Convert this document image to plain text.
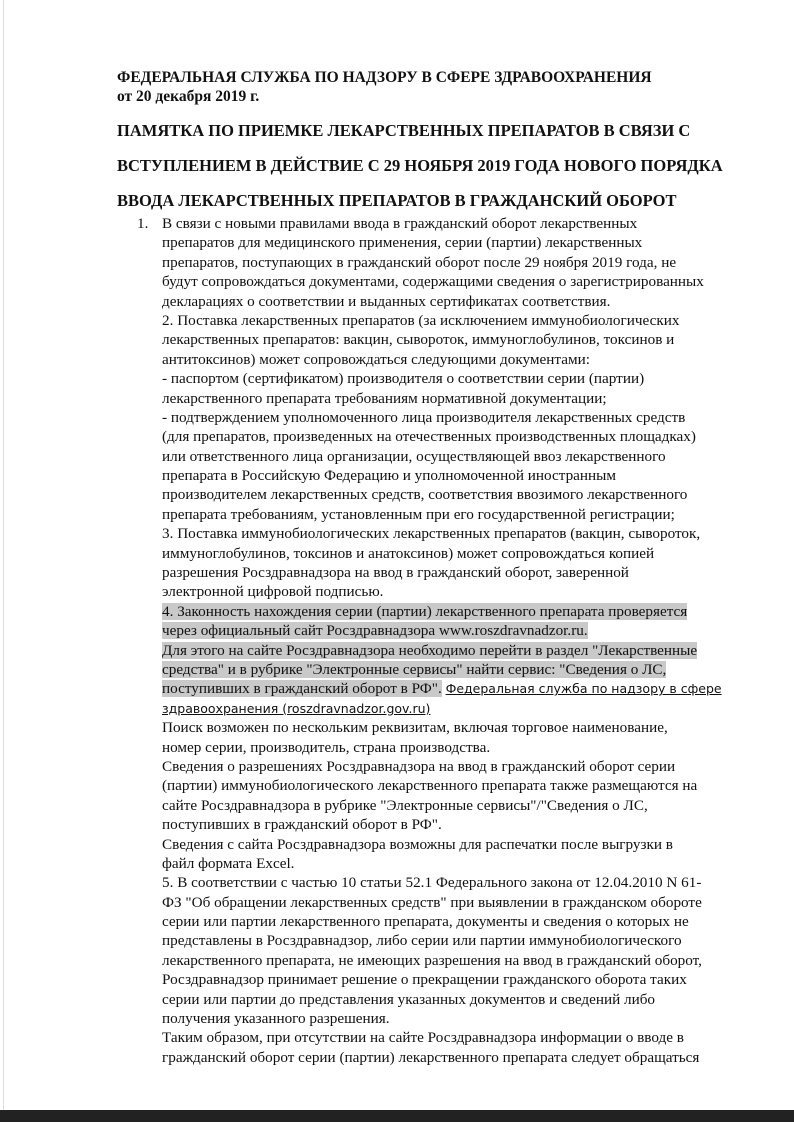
ФЕДЕРАЛЬНАЯ СЛУЖБА ПО НАДЗОРУ В СФЕРЕ ЗДРАВООХРАНЕНИЯ
от 20 декабря 2019 г.
ПАМЯТКА ПО ПРИЕМКЕ ЛЕКАРСТВЕННЫХ ПРЕПАРАТОВ В СВЯЗИ С
ВСТУПЛЕНИЕМ В ДЕЙСТВИЕ С 29 НОЯБРЯ 2019 ГОДА НОВОГО ПОРЯДКА
ВВОДА ЛЕКАРСТВЕННЫХ ПРЕПАРАТОВ В ГРАЖДАНСКИЙ ОБОРОТ
1. В связи с новыми правилами ввода в гражданский оборот лекарственных
препаратов для медицинского применения, серии (партии) лекарственных
препаратов, поступающих в гражданский оборот после 29 ноября 2019 года, не
будут сопровождаться документами, содержащими сведения о зарегистрированных
декларациях о соответствии и выданных сертификатах соответствия.
2. Поставка лекарственных препаратов (за исключением иммунобиологических
лекарственных препаратов: вакцин, сывороток, иммуноглобулинов, токсинов и
антитоксинов) может сопровождаться следующими документами:
- паспортом (сертификатом) производителя о соответствии серии (партии)
лекарственного препарата требованиям нормативной документации;
- подтверждением уполномоченного лица производителя лекарственных средств
(для препаратов, произведенных на отечественных производственных площадках)
или ответственного лица организации, осуществляющей ввоз лекарственного
препарата в Российскую Федерацию и уполномоченной иностранным
производителем лекарственных средств, соответствия ввозимого лекарственного
препарата требованиям, установленным при его государственной регистрации;
3. Поставка иммунобиологических лекарственных препаратов (вакцин, сывороток,
иммуноглобулинов, токсинов и анатоксинов) может сопровождаться копией
разрешения Росздравнадзора на ввод в гражданский оборот, заверенной
электронной цифровой подписью.
4. Законность нахождения серии (партии) лекарственного препарата проверяется
через официальный сайт Росздравнадзора www.roszdravnadzor.ru.
Для этого на сайте Росздравнадзора необходимо перейти в раздел "Лекарственные
средства" и в рубрике "Электронные сервисы" найти сервис: "Сведения о ЛС,
поступивших в гражданский оборот в РФ". Федеральная служба по надзору в сфере
здравоохранения (roszdravnadzor.gov.ru)
Поиск возможен по нескольким реквизитам, включая торговое наименование,
номер серии, производитель, страна производства.
Сведения о разрешениях Росздравнадзора на ввод в гражданский оборот серии
(партии) иммунобиологического лекарственного препарата также размещаются на
сайте Росздравнадзора в рубрике "Электронные сервисы"/"Сведения о ЛС,
поступивших в гражданский оборот в РФ".
Сведения с сайта Росздравнадзора возможны для распечатки после выгрузки в
файл формата Excel.
5. В соответствии с частью 10 статьи 52.1 Федерального закона от 12.04.2010 N 61-
ФЗ "Об обращении лекарственных средств" при выявлении в гражданском обороте
серии или партии лекарственного препарата, документы и сведения о которых не
представлены в Росздравнадзор, либо серии или партии иммунобиологического
лекарственного препарата, не имеющих разрешения на ввод в гражданский оборот,
Росздравнадзор принимает решение о прекращении гражданского оборота таких
серии или партии до представления указанных документов и сведений либо
получения указанного разрешения.
Таким образом, при отсутствии на сайте Росздравнадзора информации о вводе в
гражданский оборот серии (партии) лекарственного препарата следует обращаться
